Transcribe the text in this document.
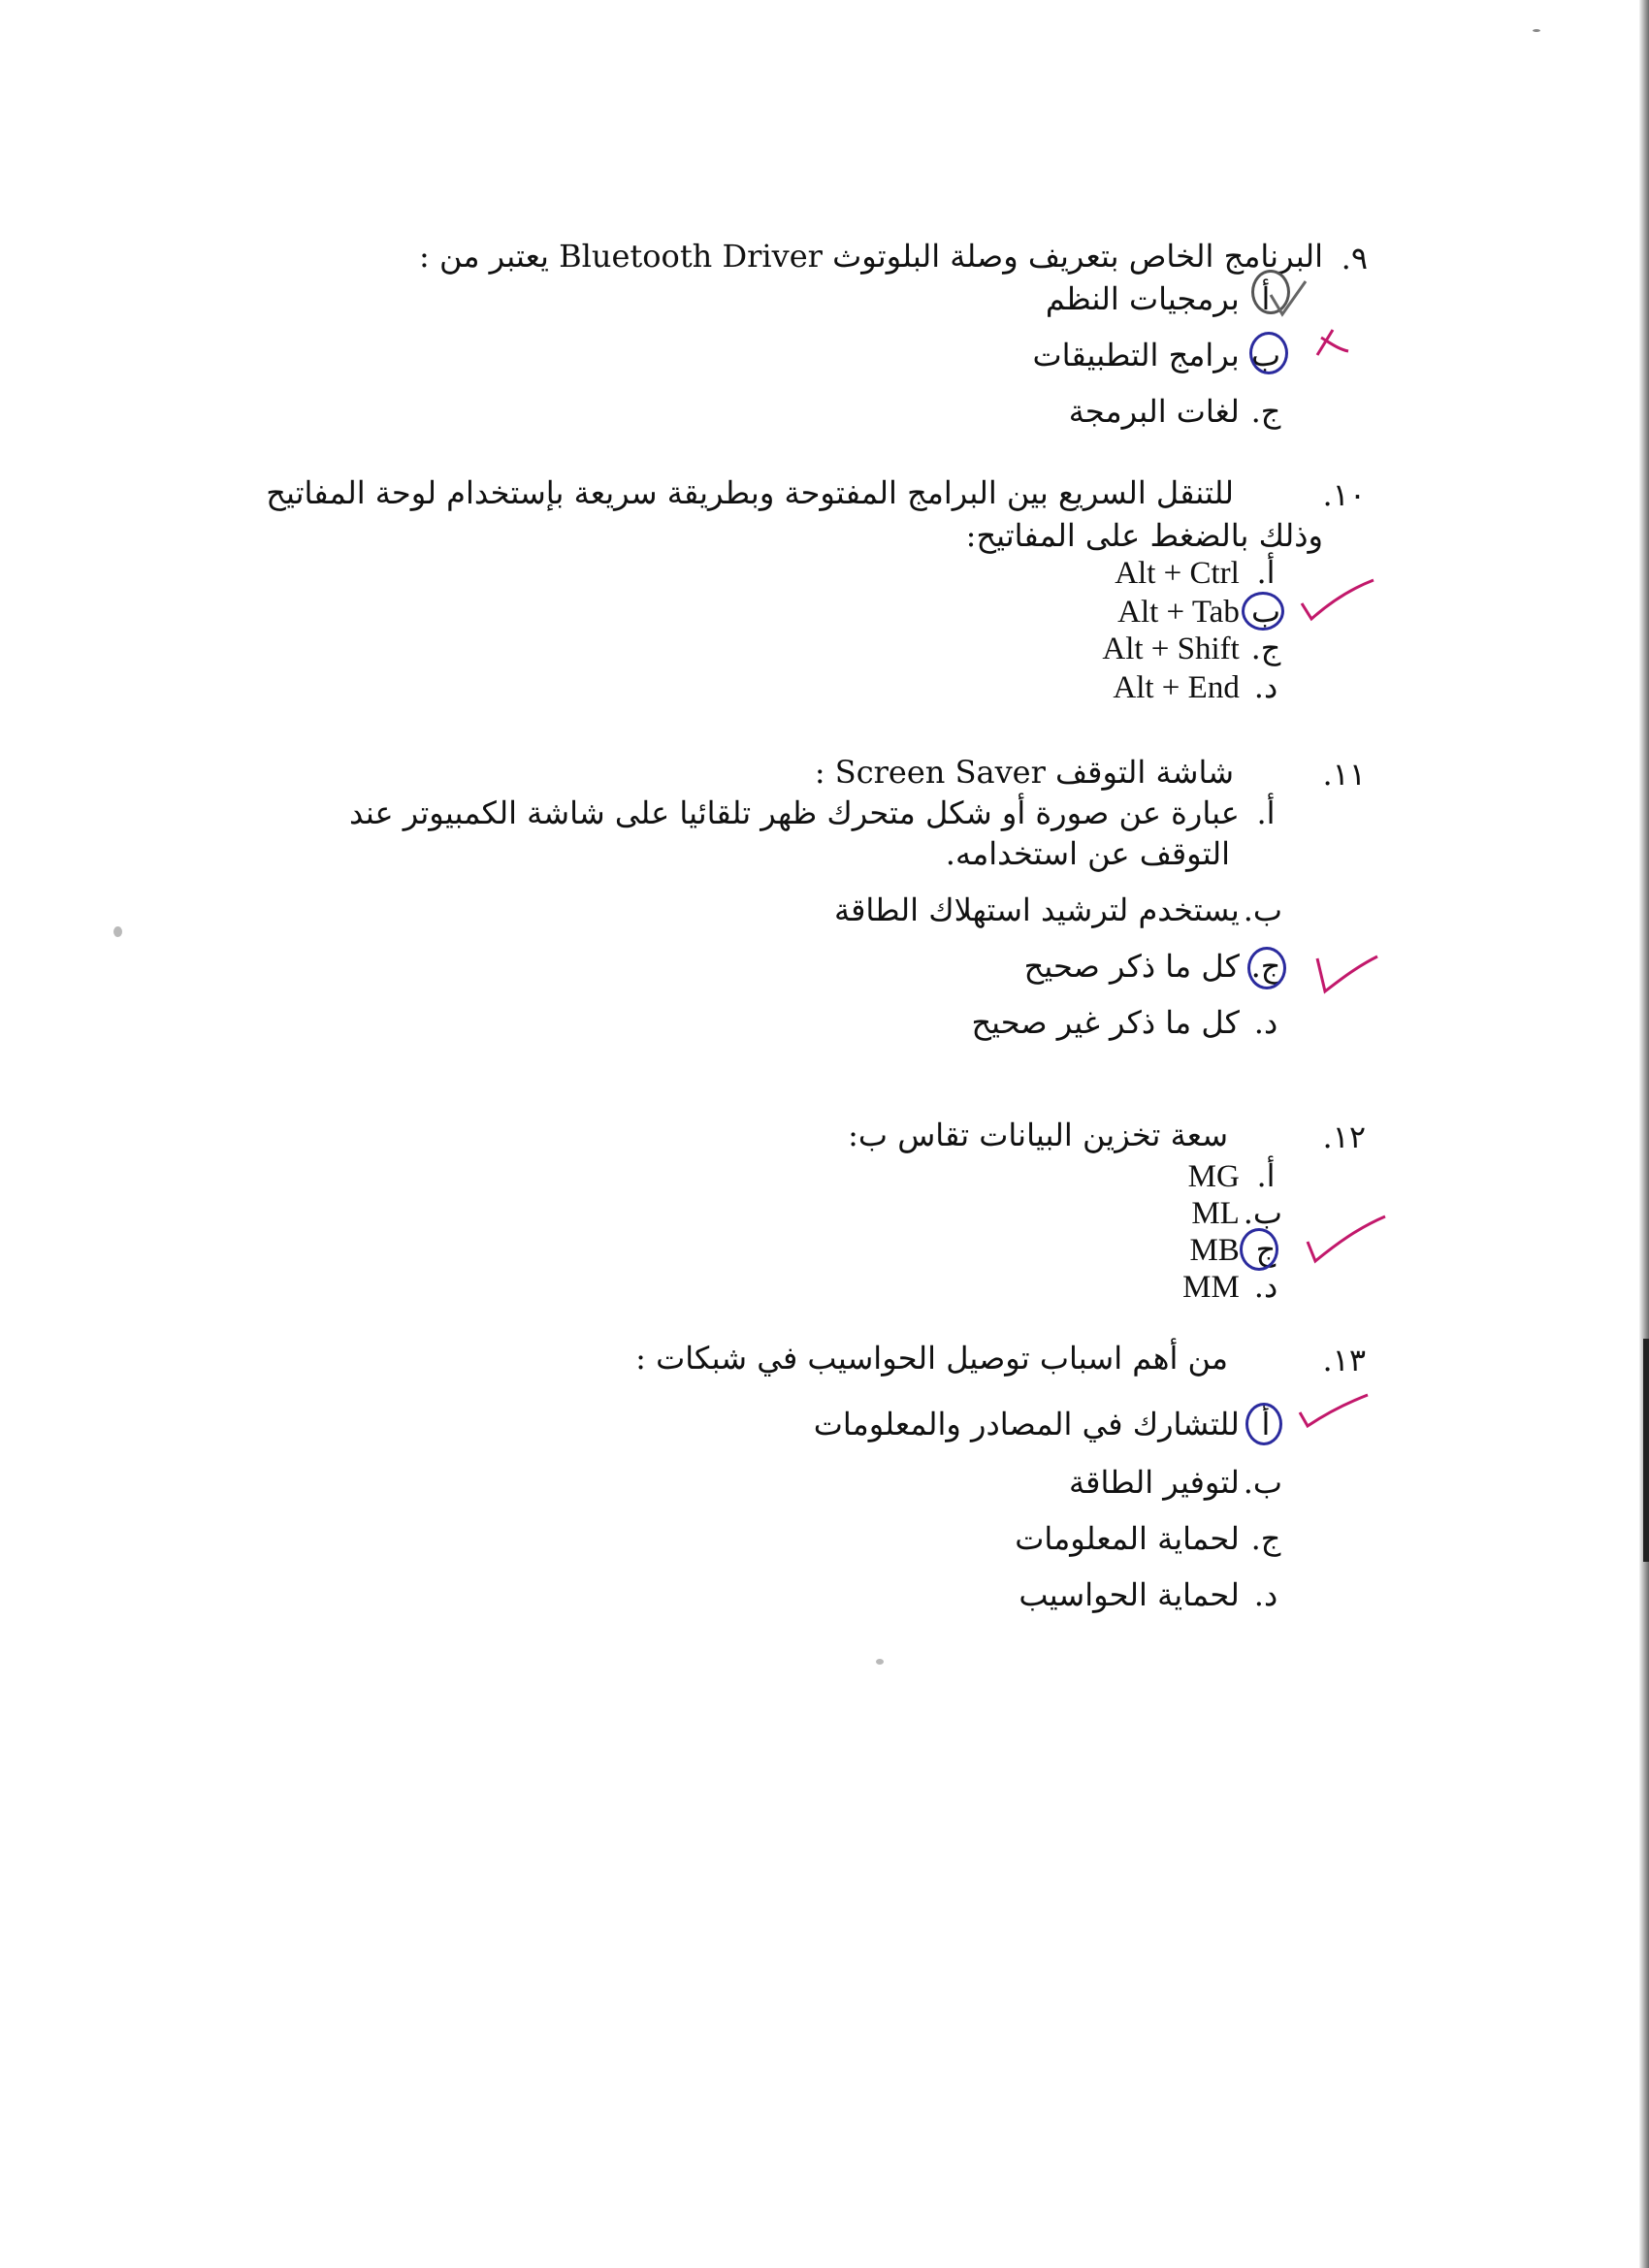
٩.
البرنامج الخاص بتعريف وصلة البلوتوث Bluetooth Driver يعتبر من :
أ برمجيات النظم
ب برامج التطبيقات
ج. لغات البرمجة
١٠.
للتنقل السريع بين البرامج المفتوحة وبطريقة سريعة بإستخدام لوحة المفاتيح
وذلك بالضغط على المفاتيح:
أ. Alt + Ctrl
ب Alt + Tab
ج. Alt + Shift
د. Alt + End
١١.
شاشة التوقف Screen Saver :
أ. عبارة عن صورة أو شكل متحرك ظهر تلقائيا على شاشة الكمبيوتر عند
التوقف عن استخدامه.
ب. يستخدم لترشيد استهلاك الطاقة
ج. كل ما ذكر صحيح
د. كل ما ذكر غير صحيح
١٢.
سعة تخزين البيانات تقاس ب:
أ. MG
ب. ML
ج MB
د. MM
١٣.
من أهم اسباب توصيل الحواسيب في شبكات :
أ للتشارك في المصادر والمعلومات
ب. لتوفير الطاقة
ج. لحماية المعلومات
د. لحماية الحواسيب
